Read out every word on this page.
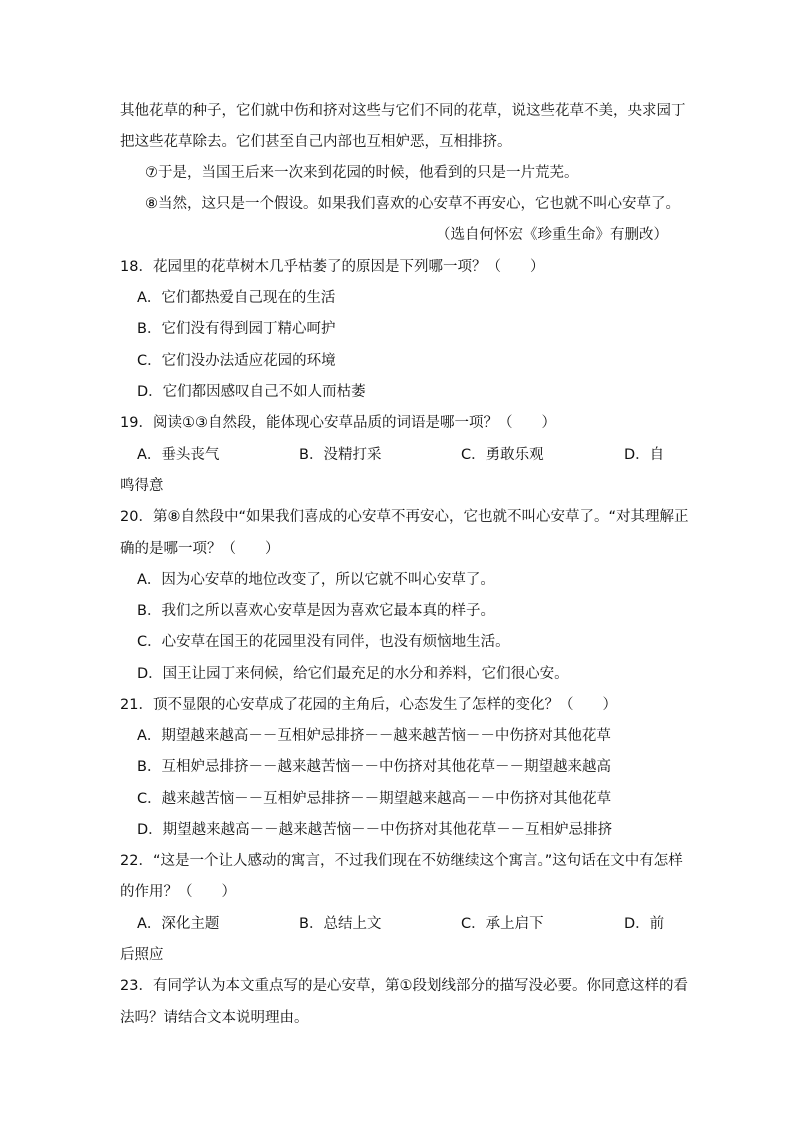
其他花草的种子，它们就中伤和挤对这些与它们不同的花草，说这些花草不美，央求园丁
把这些花草除去。它们甚至自己内部也互相妒恶，互相排挤。
⑦于是，当国王后来一次来到花园的时候，他看到的只是一片荒芜。
⑧当然，这只是一个假设。如果我们喜欢的心安草不再安心，它也就不叫心安草了。
（选自何怀宏《珍重生命》有删改）
18．花园里的花草树木几乎枯萎了的原因是下列哪一项？（　　）
A．它们都热爱自己现在的生活
B．它们没有得到园丁精心呵护
C．它们没办法适应花园的环境
D．它们都因感叹自己不如人而枯萎
19．阅读①③自然段，能体现心安草品质的词语是哪一项？（　　）
A．垂头丧气	B．没精打采	C．勇敢乐观	D．自
鸣得意
20．第⑧自然段中“如果我们喜成的心安草不再安心，它也就不叫心安草了。“对其理解正
确的是哪一项？（　　）
A．因为心安草的地位改变了，所以它就不叫心安草了。
B．我们之所以喜欢心安草是因为喜欢它最本真的样子。
C．心安草在国王的花园里没有同伴，也没有烦恼地生活。
D．国王让园丁来伺候，给它们最充足的水分和养料，它们很心安。
21．顶不显限的心安草成了花园的主角后，心态发生了怎样的变化？（　　）
A．期望越来越高－－互相妒忌排挤－－越来越苦恼－－中伤挤对其他花草
B．互相妒忌排挤－－越来越苦恼－－中伤挤对其他花草－－期望越来越高
C．越来越苦恼－－互相妒忌排挤－－期望越来越高－－中伤挤对其他花草
D．期望越来越高－－越来越苦恼－－中伤挤对其他花草－－互相妒忌排挤
22．“这是一个让人感动的寓言，不过我们现在不妨继续这个寓言。”这句话在文中有怎样
的作用？（　　）
A．深化主题	B．总结上文	C．承上启下	D．前
后照应
23．有同学认为本文重点写的是心安草，第①段划线部分的描写没必要。你同意这样的看
法吗？请结合文本说明理由。
